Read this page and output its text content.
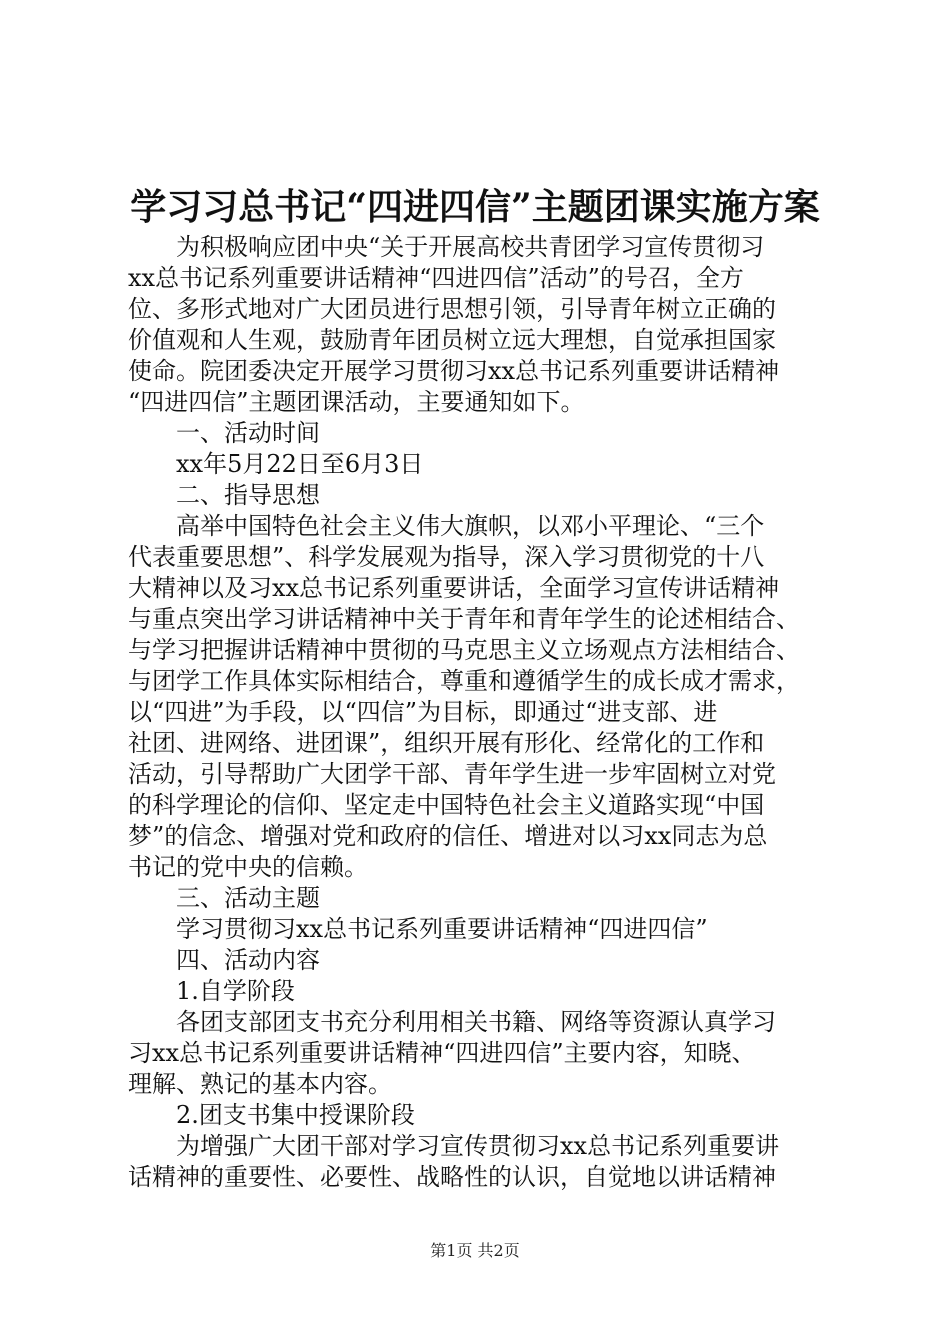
学习习总书记“四进四信”主题团课实施方案
为积极响应团中央“关于开展高校共青团学习宣传贯彻习
xx总书记系列重要讲话精神“四进四信”活动”的号召，全方
位、多形式地对广大团员进行思想引领，引导青年树立正确的
价值观和人生观，鼓励青年团员树立远大理想，自觉承担国家
使命。院团委决定开展学习贯彻习xx总书记系列重要讲话精神
“四进四信”主题团课活动，主要通知如下。
一、活动时间
xx年5月22日至6月3日
二、指导思想
高举中国特色社会主义伟大旗帜，以邓小平理论、“三个
代表重要思想”、科学发展观为指导，深入学习贯彻党的十八
大精神以及习xx总书记系列重要讲话，全面学习宣传讲话精神
与重点突出学习讲话精神中关于青年和青年学生的论述相结合、
与学习把握讲话精神中贯彻的马克思主义立场观点方法相结合、
与团学工作具体实际相结合，尊重和遵循学生的成长成才需求，
以“四进”为手段，以“四信”为目标，即通过“进支部、进
社团、进网络、进团课”，组织开展有形化、经常化的工作和
活动，引导帮助广大团学干部、青年学生进一步牢固树立对党
的科学理论的信仰、坚定走中国特色社会主义道路实现“中国
梦”的信念、增强对党和政府的信任、增进对以习xx同志为总
书记的党中央的信赖。
三、活动主题
学习贯彻习xx总书记系列重要讲话精神“四进四信”
四、活动内容
1.自学阶段
各团支部团支书充分利用相关书籍、网络等资源认真学习
习xx总书记系列重要讲话精神“四进四信”主要内容，知晓、
理解、熟记的基本内容。
2.团支书集中授课阶段
为增强广大团干部对学习宣传贯彻习xx总书记系列重要讲
话精神的重要性、必要性、战略性的认识，自觉地以讲话精神
第1页 共2页
